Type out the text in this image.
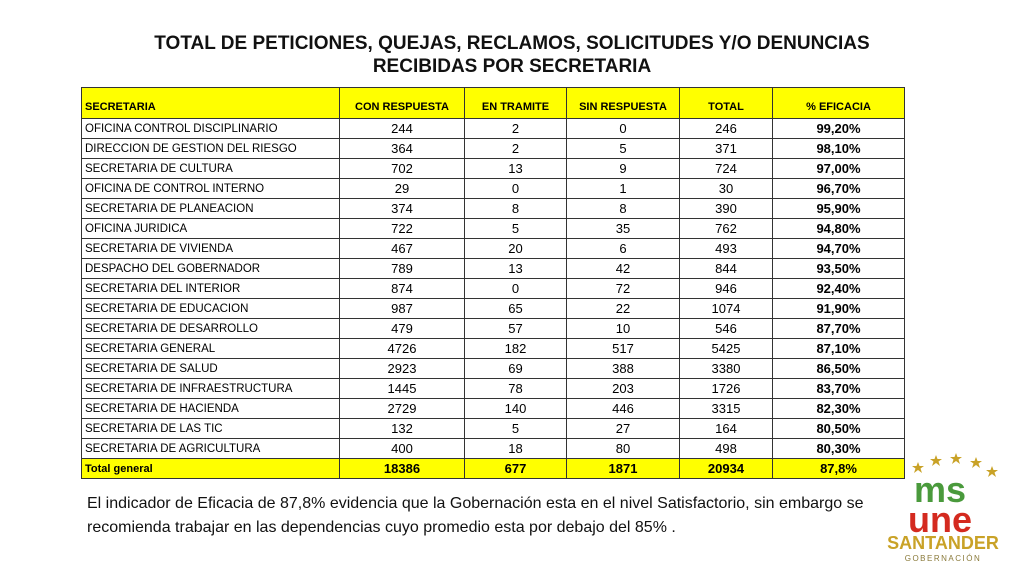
TOTAL DE PETICIONES, QUEJAS, RECLAMOS, SOLICITUDES Y/O DENUNCIAS
RECIBIDAS POR SECRETARIA
SECRETARIA	CON RESPUESTA	EN TRAMITE	SIN RESPUESTA	TOTAL	% EFICACIA
OFICINA CONTROL DISCIPLINARIO	244	2	0	246	99,20%
DIRECCION DE GESTION DEL RIESGO	364	2	5	371	98,10%
SECRETARIA DE CULTURA	702	13	9	724	97,00%
OFICINA DE CONTROL INTERNO	29	0	1	30	96,70%
SECRETARIA DE PLANEACION	374	8	8	390	95,90%
OFICINA JURIDICA	722	5	35	762	94,80%
SECRETARIA DE VIVIENDA	467	20	6	493	94,70%
DESPACHO DEL GOBERNADOR	789	13	42	844	93,50%
SECRETARIA DEL INTERIOR	874	0	72	946	92,40%
SECRETARIA DE EDUCACION	987	65	22	1074	91,90%
SECRETARIA DE DESARROLLO	479	57	10	546	87,70%
SECRETARIA GENERAL	4726	182	517	5425	87,10%
SECRETARIA DE SALUD	2923	69	388	3380	86,50%
SECRETARIA DE INFRAESTRUCTURA	1445	78	203	1726	83,70%
SECRETARIA DE HACIENDA	2729	140	446	3315	82,30%
SECRETARIA DE LAS TIC	132	5	27	164	80,50%
SECRETARIA DE AGRICULTURA	400	18	80	498	80,30%
Total general	18386	677	1871	20934	87,8%
El indicador de Eficacia de 87,8% evidencia que la Gobernación esta en el nivel Satisfactorio, sin embargo se recomienda trabajar en las dependencias cuyo promedio esta por debajo del 85% .
ms
une
SANTANDER
GOBERNACIÓN
